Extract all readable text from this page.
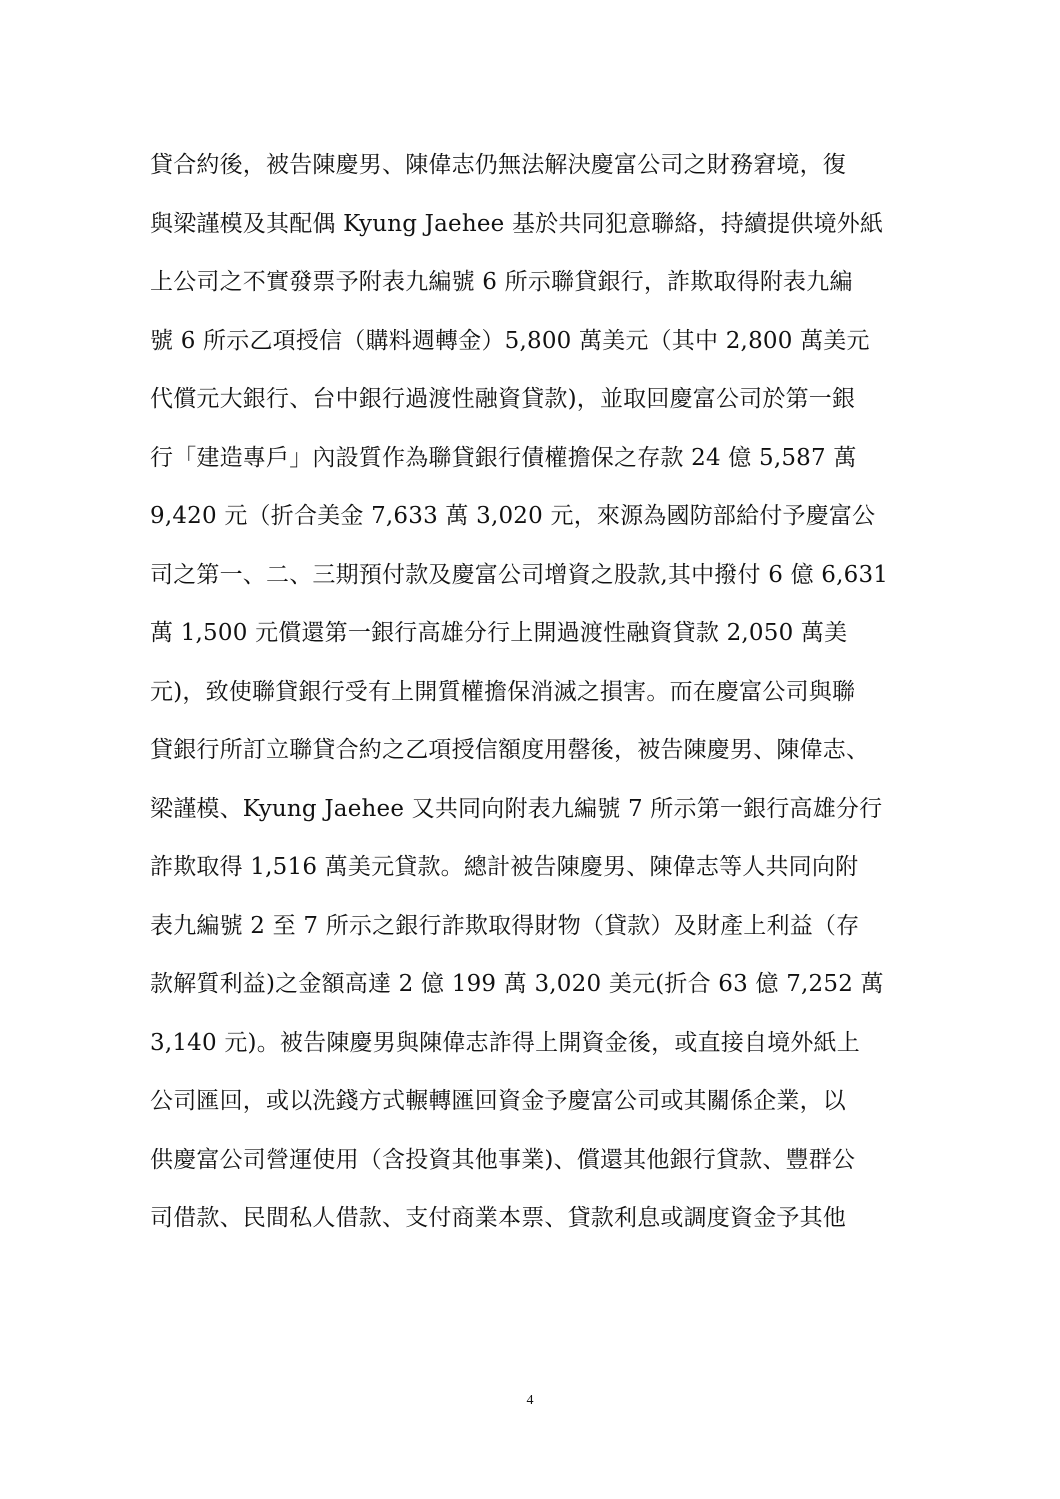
貸合約後，被告陳慶男、陳偉志仍無法解決慶富公司之財務窘境，復
與梁謹模及其配偶 Kyung Jaehee 基於共同犯意聯絡，持續提供境外紙
上公司之不實發票予附表九編號 6 所示聯貸銀行，詐欺取得附表九編
號 6 所示乙項授信（購料週轉金）5,800 萬美元（其中 2,800 萬美元
代償元大銀行、台中銀行過渡性融資貸款)，並取回慶富公司於第一銀
行「建造專戶」內設質作為聯貸銀行債權擔保之存款 24 億 5,587 萬
9,420 元（折合美金 7,633 萬 3,020 元，來源為國防部給付予慶富公
司之第一、二、三期預付款及慶富公司增資之股款,其中撥付 6 億 6,631
萬 1,500 元償還第一銀行高雄分行上開過渡性融資貸款 2,050 萬美
元)，致使聯貸銀行受有上開質權擔保消滅之損害。而在慶富公司與聯
貸銀行所訂立聯貸合約之乙項授信額度用罄後，被告陳慶男、陳偉志、
梁謹模、Kyung Jaehee 又共同向附表九編號 7 所示第一銀行高雄分行
詐欺取得 1,516 萬美元貸款。總計被告陳慶男、陳偉志等人共同向附
表九編號 2 至 7 所示之銀行詐欺取得財物（貸款）及財產上利益（存
款解質利益)之金額高達 2 億 199 萬 3,020 美元(折合 63 億 7,252 萬
3,140 元)。被告陳慶男與陳偉志詐得上開資金後，或直接自境外紙上
公司匯回，或以洗錢方式輾轉匯回資金予慶富公司或其關係企業，以
供慶富公司營運使用（含投資其他事業)、償還其他銀行貸款、豐群公
司借款、民間私人借款、支付商業本票、貸款利息或調度資金予其他
4
